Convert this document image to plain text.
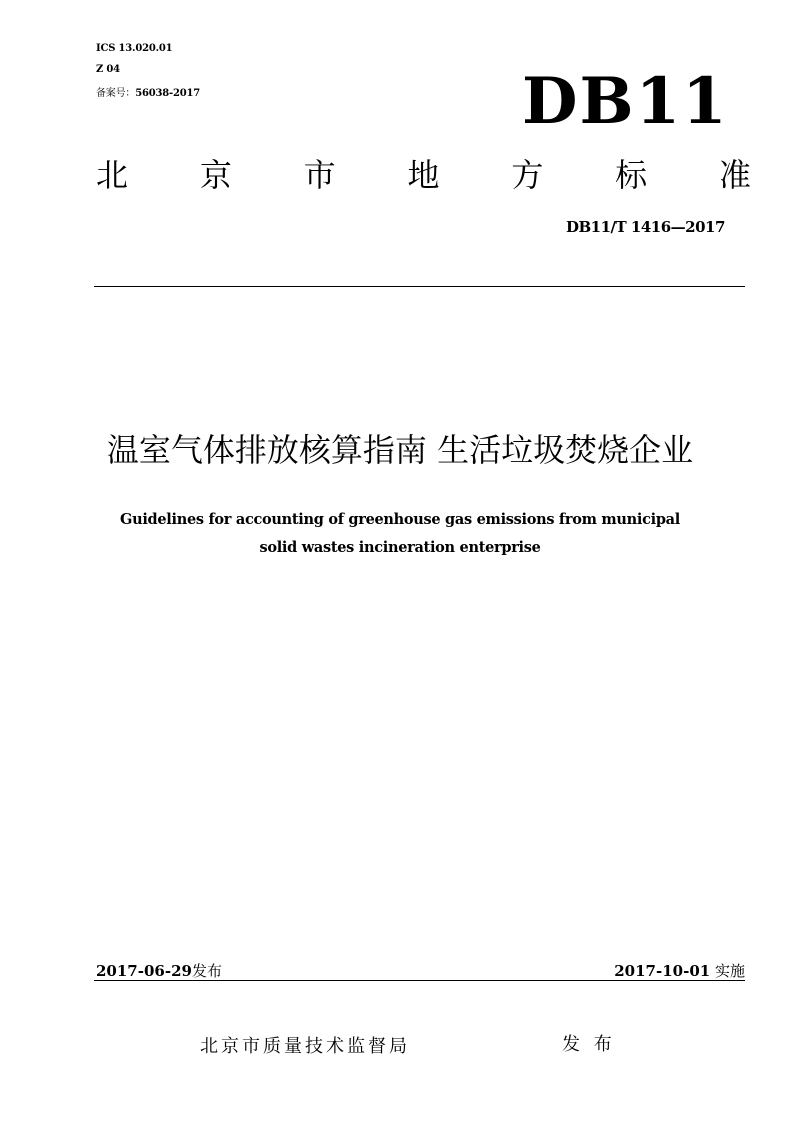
ICS 13.020.01
Z 04
备案号：56038-2017	DB11
北 京 市 地 方 标 准
DB11/T 1416—2017
温室气体排放核算指南 生活垃圾焚烧企业
Guidelines for accounting of greenhouse gas emissions from municipal
solid wastes incineration enterprise
2017-06-29发布	2017-10-01 实施
北京市质量技术监督局	发 布
